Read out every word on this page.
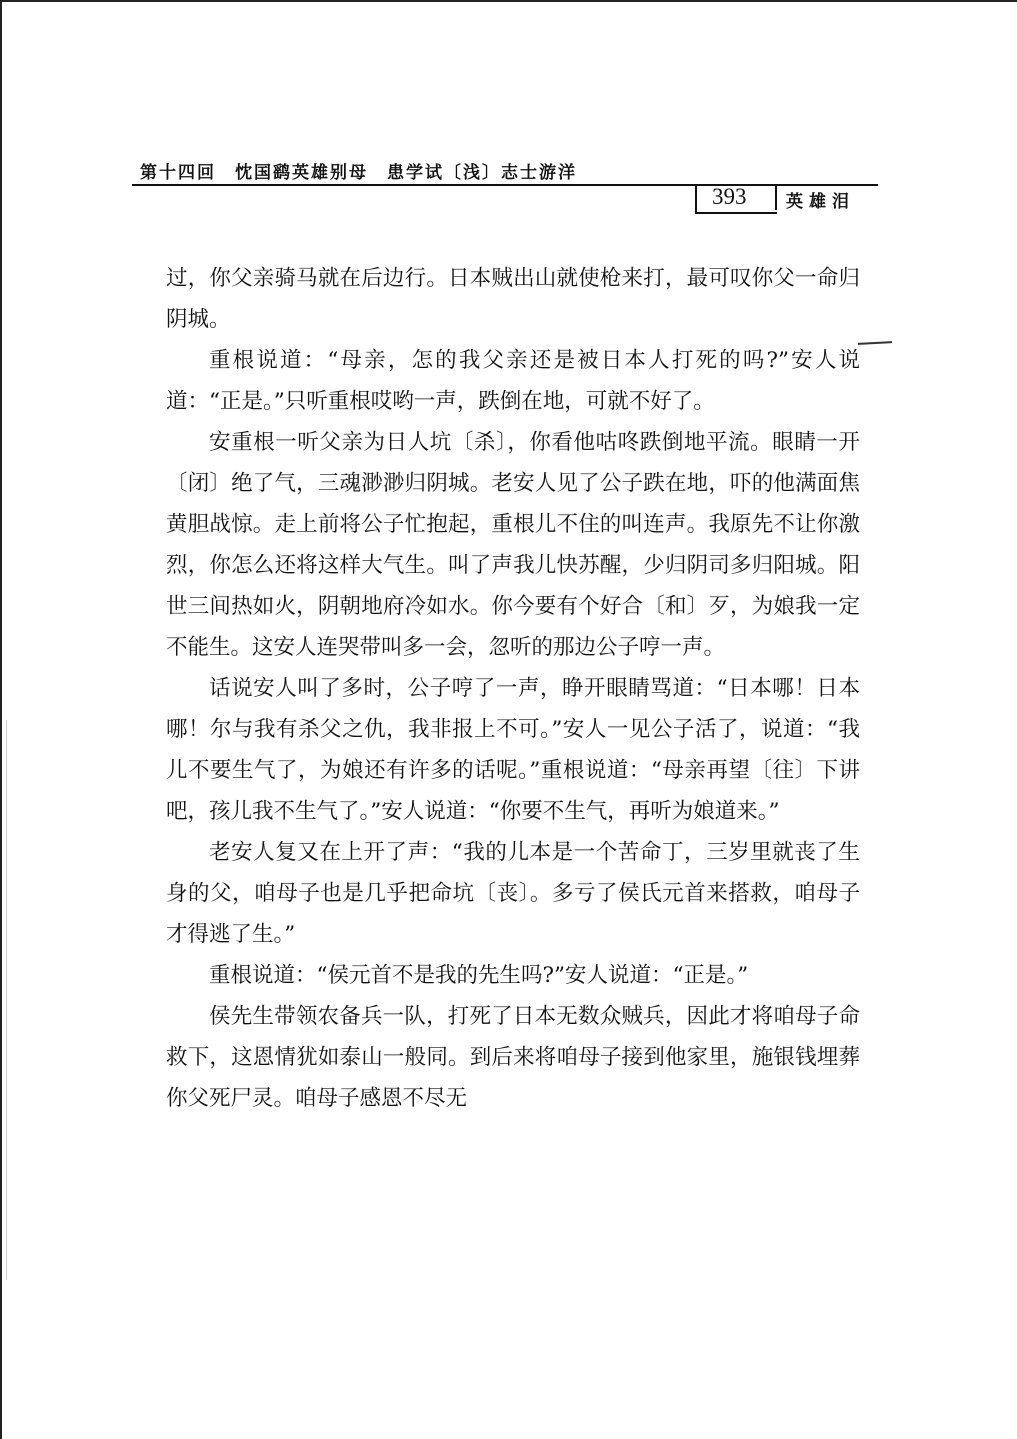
第十四回　忱国鹞英雄别母　患学试〔浅〕志士游洋
393 英雄泪

过，你父亲骑马就在后边行。日本贼出山就使枪来打，最可叹你父一命归阴城。

重根说道：“母亲，怎的我父亲还是被日本人打死的吗?”安人说道：“正是。”只听重根哎哟一声，跌倒在地，可就不好了。

安重根一听父亲为日人坑〔杀〕，你看他咕咚跌倒地平流。眼睛一开〔闭〕绝了气，三魂渺渺归阴城。老安人见了公子跌在地，吓的他满面焦黄胆战惊。走上前将公子忙抱起，重根儿不住的叫连声。我原先不让你激烈，你怎么还将这样大气生。叫了声我儿快苏醒，少归阴司多归阳城。阳世三间热如火，阴朝地府冷如水。你今要有个好合〔和〕歹，为娘我一定不能生。这安人连哭带叫多一会，忽听的那边公子哼一声。

话说安人叫了多时，公子哼了一声，睁开眼睛骂道：“日本哪！日本哪！尔与我有杀父之仇，我非报上不可。”安人一见公子活了，说道：“我儿不要生气了，为娘还有许多的话呢。”重根说道：“母亲再望〔往〕下讲吧，孩儿我不生气了。”安人说道：“你要不生气，再听为娘道来。”

老安人复又在上开了声：“我的儿本是一个苦命丁，三岁里就丧了生身的父，咱母子也是几乎把命坑〔丧〕。多亏了侯氏元首来搭救，咱母子才得逃了生。”

重根说道：“侯元首不是我的先生吗?”安人说道：“正是。”

侯先生带领农备兵一队，打死了日本无数众贼兵，因此才将咱母子命救下，这恩情犹如泰山一般同。到后来将咱母子接到他家里，施银钱埋葬你父死尸灵。咱母子感恩不尽无
